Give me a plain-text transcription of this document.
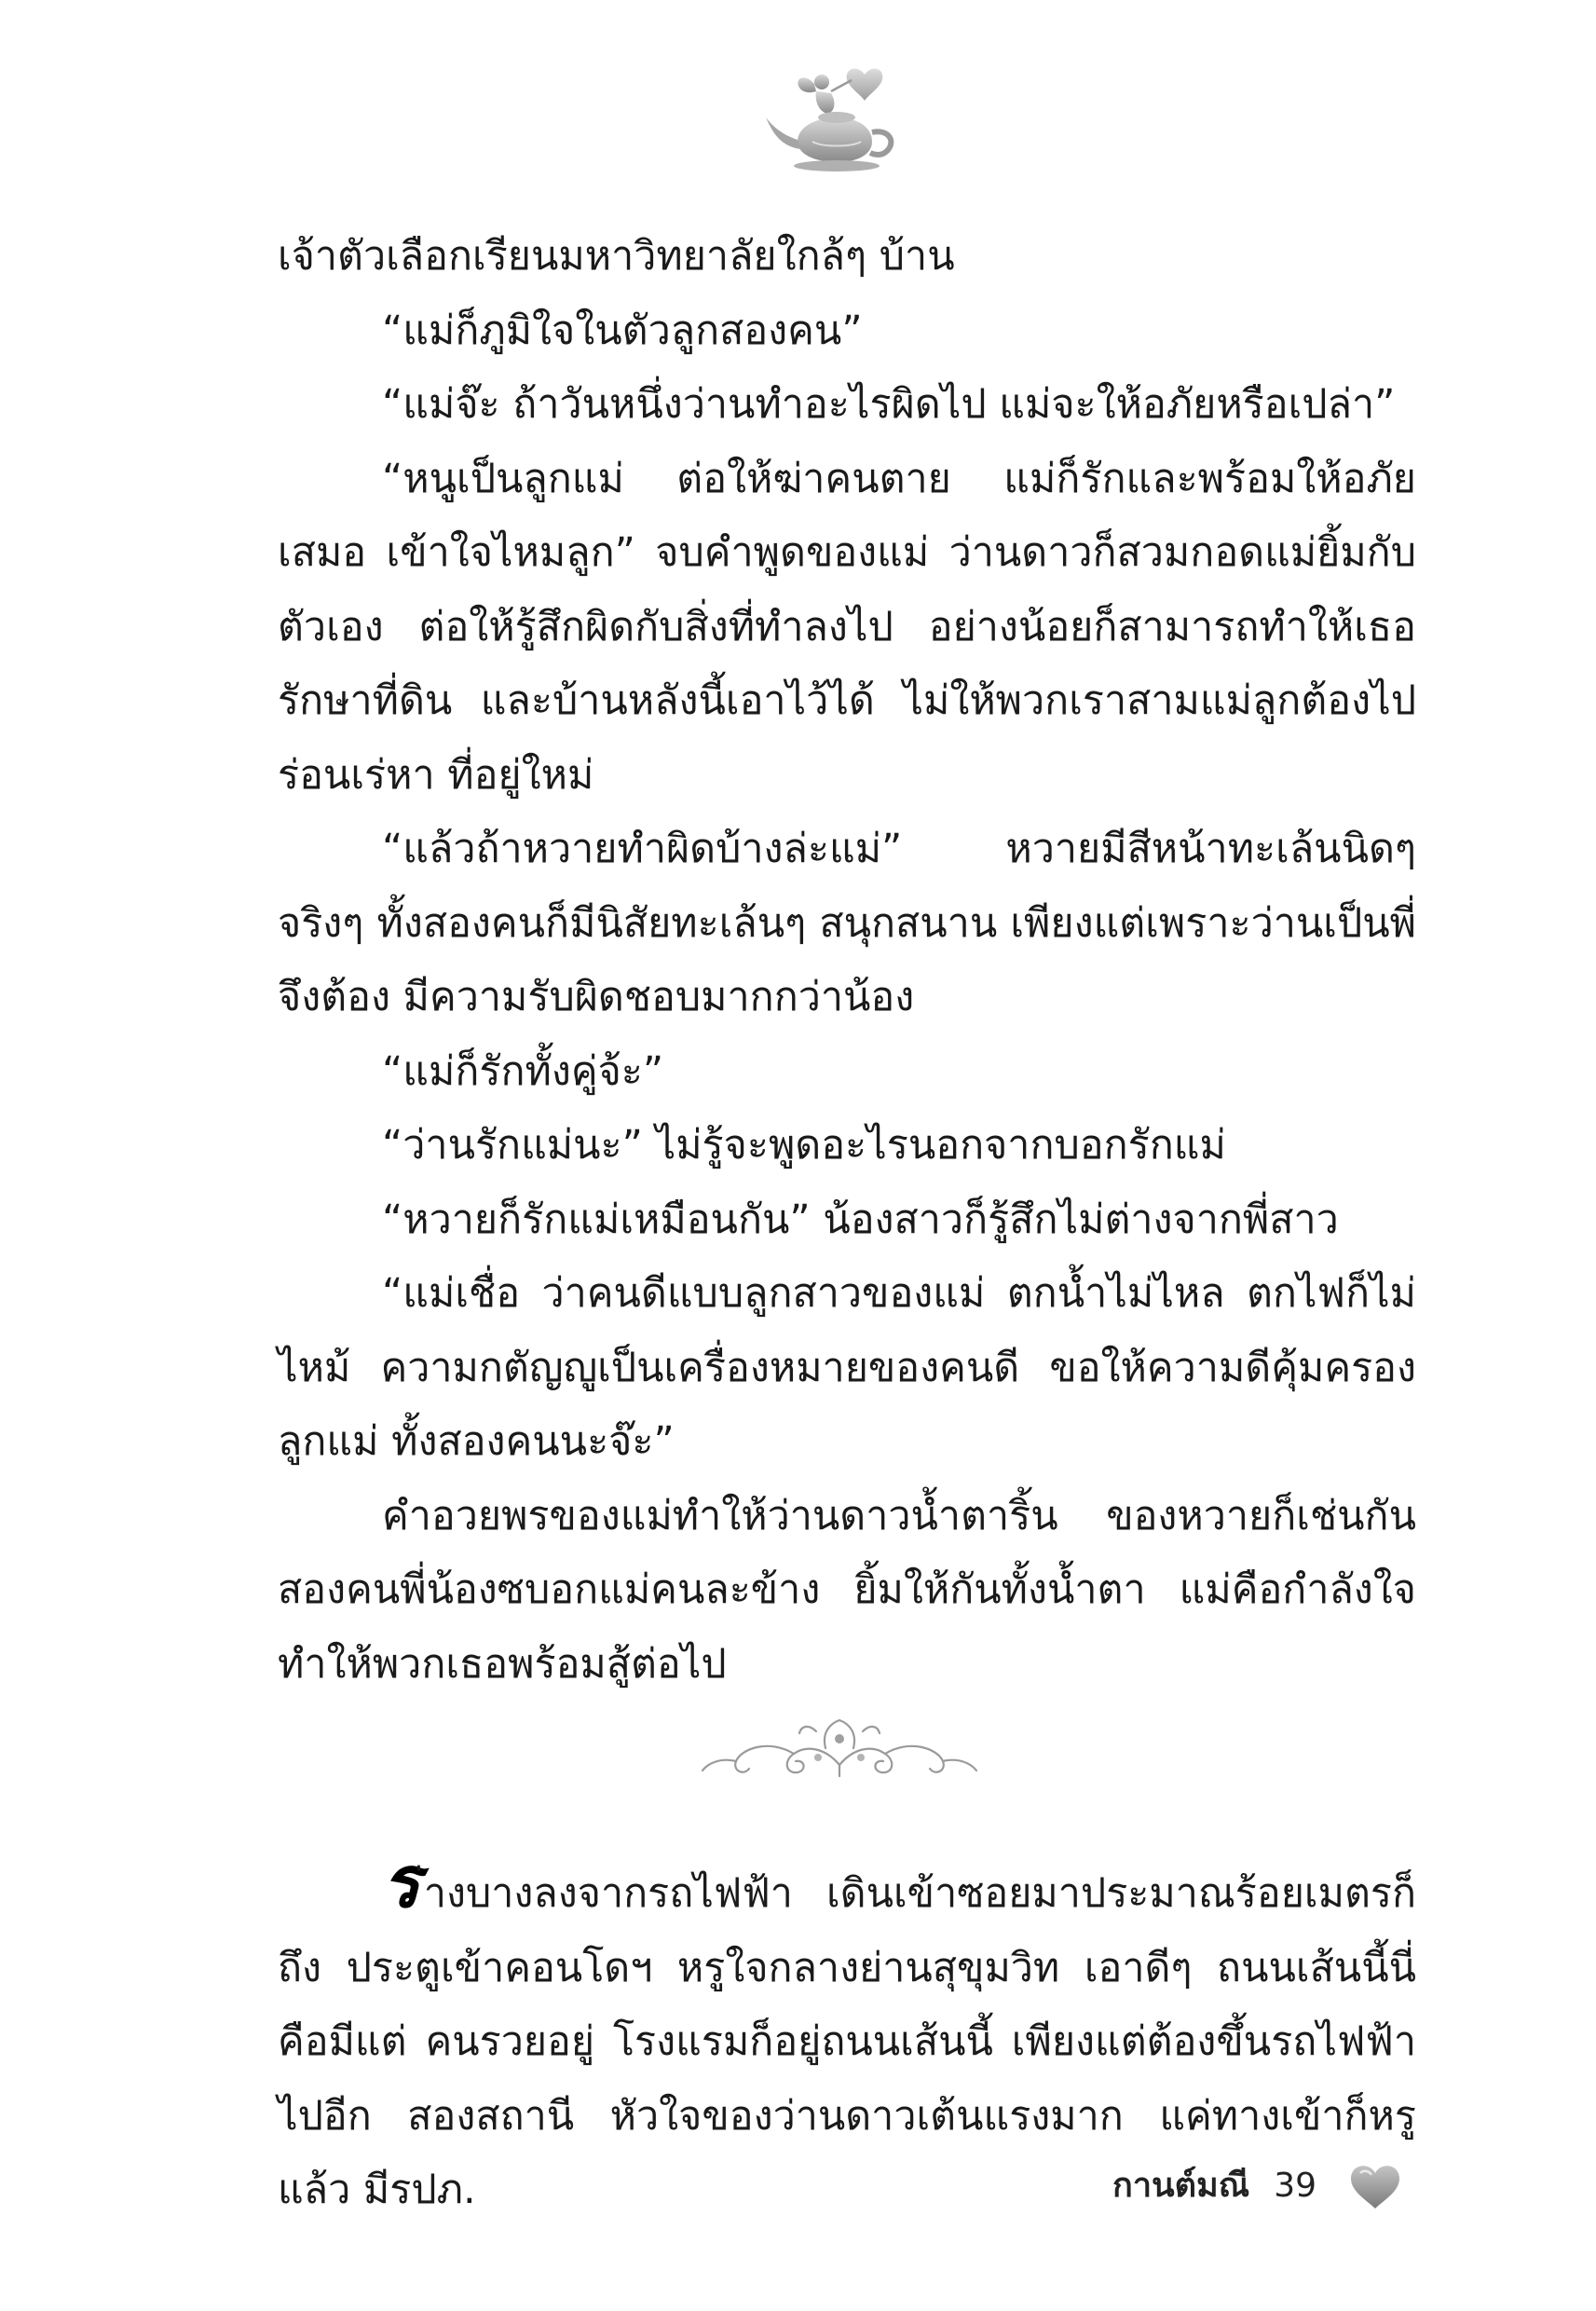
เจ้าตัวเลือกเรียนมหาวิทยาลัยใกล้ๆ บ้าน

“แม่ก็ภูมิใจในตัวลูกสองคน”

“แม่จ๊ะ ถ้าวันหนึ่งว่านทำอะไรผิดไป แม่จะให้อภัยหรือเปล่า”

“หนูเป็นลูกแม่ ต่อให้ฆ่าคนตาย แม่ก็รักและพร้อมให้อภัยเสมอ เข้าใจไหมลูก” จบคำพูดของแม่ ว่านดาวก็สวมกอดแม่ยิ้มกับตัวเอง ต่อให้รู้สึกผิดกับสิ่งที่ทำลงไป อย่างน้อยก็สามารถทำให้เธอรักษาที่ดิน และบ้านหลังนี้เอาไว้ได้ ไม่ให้พวกเราสามแม่ลูกต้องไปร่อนเร่หา ที่อยู่ใหม่

“แล้วถ้าหวายทำผิดบ้างล่ะแม่” หวายมีสีหน้าทะเล้นนิดๆ จริงๆ ทั้งสองคนก็มีนิสัยทะเล้นๆ สนุกสนาน เพียงแต่เพราะว่านเป็นพี่ จึงต้อง มีความรับผิดชอบมากกว่าน้อง

“แม่ก็รักทั้งคู่จ้ะ”

“ว่านรักแม่นะ” ไม่รู้จะพูดอะไรนอกจากบอกรักแม่

“หวายก็รักแม่เหมือนกัน” น้องสาวก็รู้สึกไม่ต่างจากพี่สาว

“แม่เชื่อ ว่าคนดีแบบลูกสาวของแม่ ตกน้ำไม่ไหล ตกไฟก็ไม่ไหม้ ความกตัญญูเป็นเครื่องหมายของคนดี ขอให้ความดีคุ้มครองลูกแม่ ทั้งสองคนนะจ๊ะ”

คำอวยพรของแม่ทำให้ว่านดาวน้ำตาริ้น ของหวายก็เช่นกัน สองคนพี่น้องซบอกแม่คนละข้าง ยิ้มให้กันทั้งน้ำตา แม่คือกำลังใจ ทำให้พวกเธอพร้อมสู้ต่อไป

ร่างบางลงจากรถไฟฟ้า เดินเข้าซอยมาประมาณร้อยเมตรก็ถึง ประตูเข้าคอนโดฯ หรูใจกลางย่านสุขุมวิท เอาดีๆ ถนนเส้นนี้นี่คือมีแต่ คนรวยอยู่ โรงแรมก็อยู่ถนนเส้นนี้ เพียงแต่ต้องขึ้นรถไฟฟ้าไปอีก สองสถานี หัวใจของว่านดาวเต้นแรงมาก แค่ทางเข้าก็หรูแล้ว มีรปภ.	กานต์มณี 39
